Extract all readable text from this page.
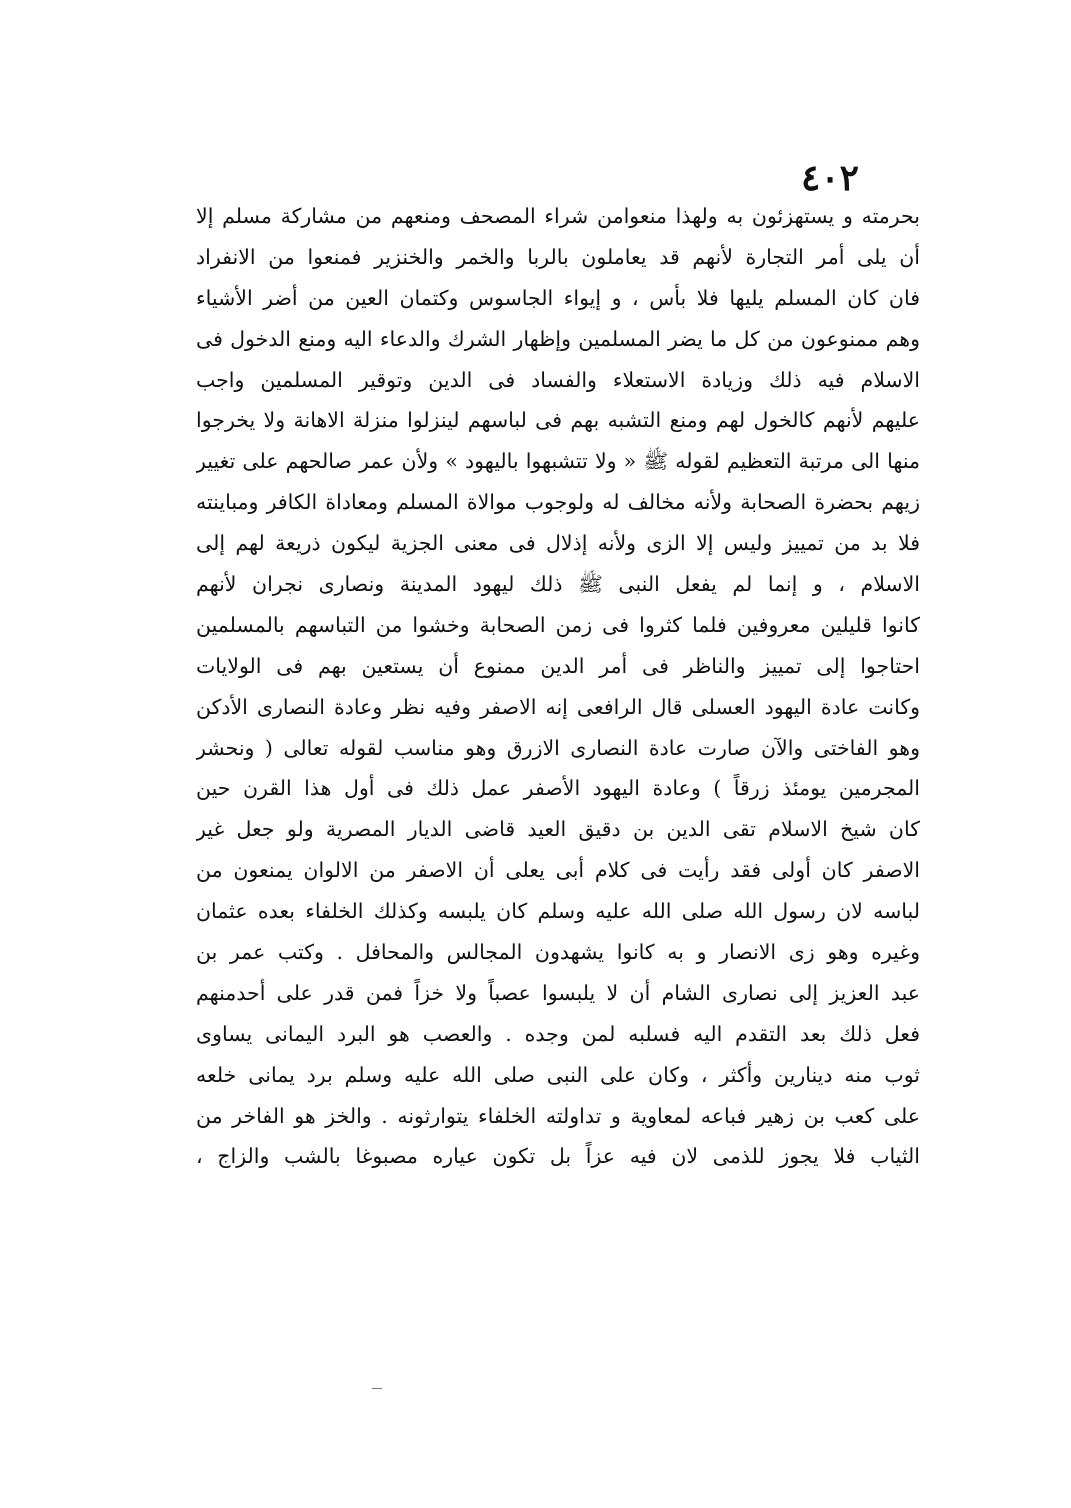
٤٠٢
بحرمته و يستهزئون به ولهذا منعوامن شراء المصحف ومنعهم من مشاركة مسلم إلا
أن يلى أمر التجارة لأنهم قد يعاملون بالربا والخمر والخنزير فمنعوا من الانفراد
فان كان المسلم يليها فلا بأس ، و إيواء الجاسوس وكتمان العين من أضر الأشياء
وهم ممنوعون من كل ما يضر المسلمين وإظهار الشرك والدعاء اليه ومنع الدخول فى
الاسلام فيه ذلك وزيادة الاستعلاء والفساد فى الدين وتوقير المسلمين واجب
عليهم لأنهم كالخول لهم ومنع التشبه بهم فى لباسهم لينزلوا منزلة الاهانة ولا يخرجوا
منها الى مرتبة التعظيم لقوله ﷺ « ولا تتشبهوا باليهود » ولأن عمر صالحهم على تغيير
زيهم بحضرة الصحابة ولأنه مخالف له ولوجوب موالاة المسلم ومعاداة الكافر ومباينته
فلا بد من تمييز وليس إلا الزى ولأنه إذلال فى معنى الجزية ليكون ذريعة لهم إلى
الاسلام ، و إنما لم يفعل النبى ﷺ ذلك ليهود المدينة ونصارى نجران لأنهم
كانوا قليلين معروفين فلما كثروا فى زمن الصحابة وخشوا من التباسهم بالمسلمين
احتاجوا إلى تمييز والناظر فى أمر الدين ممنوع أن يستعين بهم فى الولايات
وكانت عادة اليهود العسلى قال الرافعى إنه الاصفر وفيه نظر وعادة النصارى الأدكن
وهو الفاختى والآن صارت عادة النصارى الازرق وهو مناسب لقوله تعالى ( ونحشر
المجرمين يومئذ زرقاً ) وعادة اليهود الأصفر عمل ذلك فى أول هذا القرن حين
كان شيخ الاسلام تقى الدين بن دقيق العيد قاضى الديار المصرية ولو جعل غير
الاصفر كان أولى فقد رأيت فى كلام أبى يعلى أن الاصفر من الالوان يمنعون من
لباسه لان رسول الله صلى الله عليه وسلم كان يلبسه وكذلك الخلفاء بعده عثمان
وغيره وهو زى الانصار و به كانوا يشهدون المجالس والمحافل . وكتب عمر بن
عبد العزيز إلى نصارى الشام أن لا يلبسوا عصباً ولا خزاً فمن قدر على أحدمنهم
فعل ذلك بعد التقدم اليه فسلبه لمن وجده . والعصب هو البرد اليمانى يساوى
ثوب منه دينارين وأكثر ، وكان على النبى صلى الله عليه وسلم برد يمانى خلعه
على كعب بن زهير فباعه لمعاوية و تداولته الخلفاء يتوارثونه . والخز هو الفاخر من
الثياب فلا يجوز للذمى لان فيه عزاً بل تكون عياره مصبوغا بالشب والزاج ،
